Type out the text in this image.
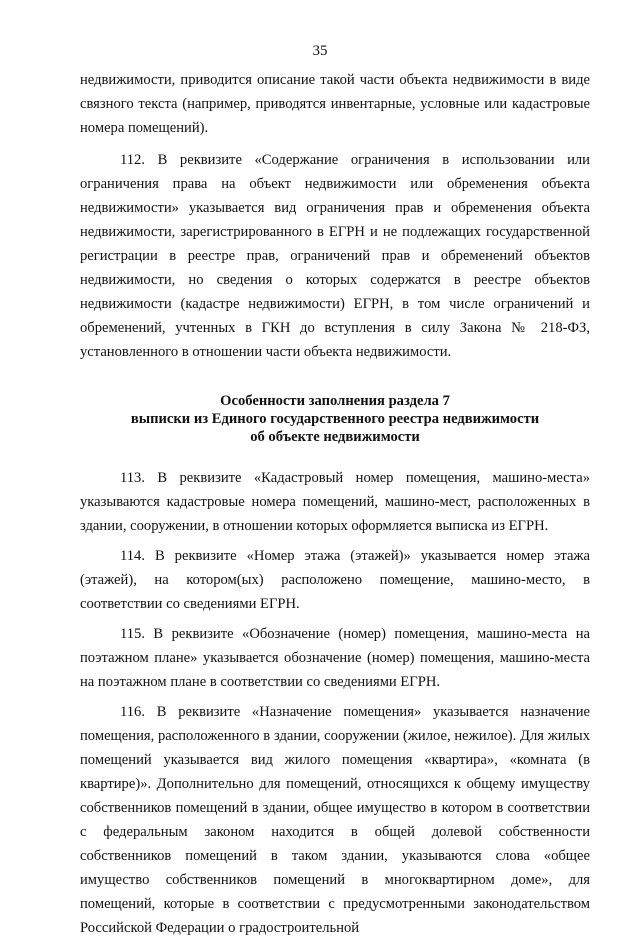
35

недвижимости, приводится описание такой части объекта недвижимости в виде связного текста (например, приводятся инвентарные, условные или кадастровые номера помещений).

112. В реквизите «Содержание ограничения в использовании или ограничения права на объект недвижимости или обременения объекта недвижимости» указывается вид ограничения прав и обременения объекта недвижимости, зарегистрированного в ЕГРН и не подлежащих государственной регистрации в реестре прав, ограничений прав и обременений объектов недвижимости, но сведения о которых содержатся в реестре объектов недвижимости (кадастре недвижимости) ЕГРН, в том числе ограничений и обременений, учтенных в ГКН до вступления в силу Закона № 218-ФЗ, установленного в отношении части объекта недвижимости.

Особенности заполнения раздела 7
выписки из Единого государственного реестра недвижимости
об объекте недвижимости

113. В реквизите «Кадастровый номер помещения, машино-места» указываются кадастровые номера помещений, машино-мест, расположенных в здании, сооружении, в отношении которых оформляется выписка из ЕГРН.

114. В реквизите «Номер этажа (этажей)» указывается номер этажа (этажей), на котором(ых) расположено помещение, машино-место, в соответствии со сведениями ЕГРН.

115. В реквизите «Обозначение (номер) помещения, машино-места на поэтажном плане» указывается обозначение (номер) помещения, машино-места на поэтажном плане в соответствии со сведениями ЕГРН.

116. В реквизите «Назначение помещения» указывается назначение помещения, расположенного в здании, сооружении (жилое, нежилое). Для жилых помещений указывается вид жилого помещения «квартира», «комната (в квартире)». Дополнительно для помещений, относящихся к общему имуществу собственников помещений в здании, общее имущество в котором в соответствии с федеральным законом находится в общей долевой собственности собственников помещений в таком здании, указываются слова «общее имущество собственников помещений в многоквартирном доме», для помещений, которые в соответствии с предусмотренными законодательством Российской Федерации о градостроительной
